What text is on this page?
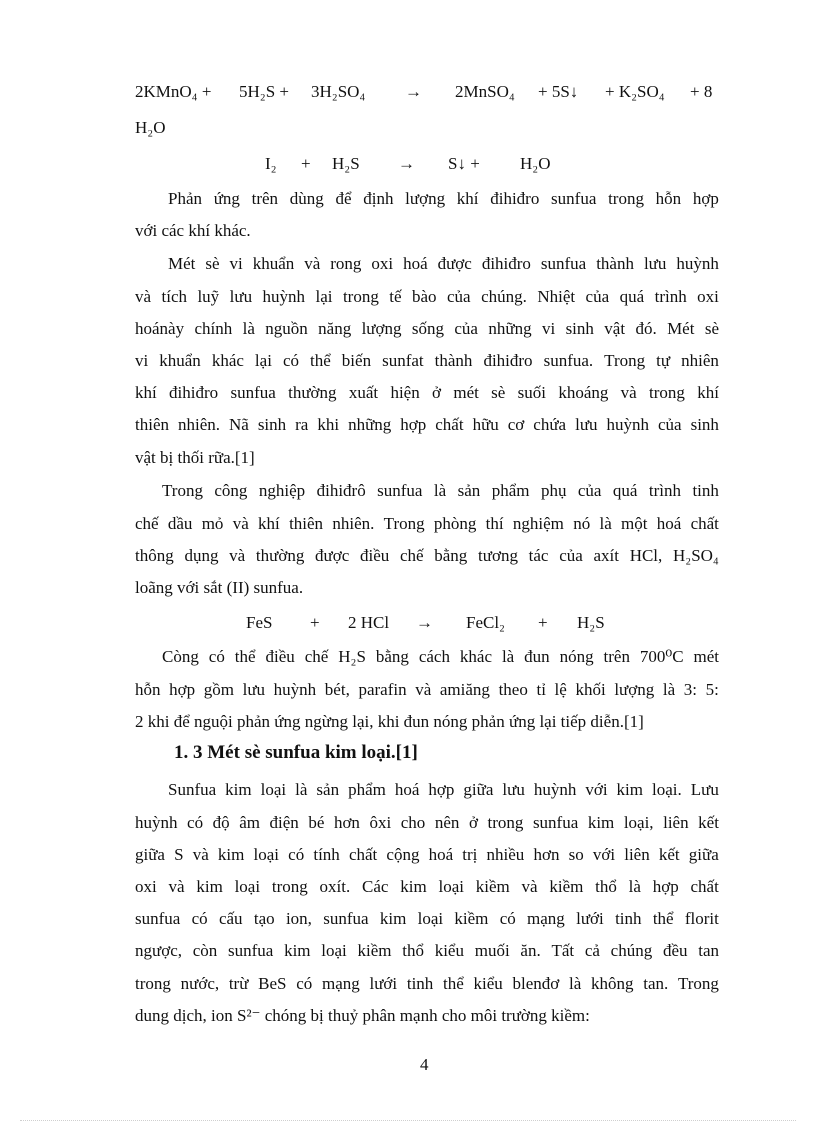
2KMnO₄ + 5H₂S + 3H₂SO₄ → 2MnSO₄ + 5S↓ + K₂SO₄ + 8
H₂O
I₂ + H₂S → S↓ + H₂O
Phản ứng trên dùng để định lượng khí đihiđro sunfua trong hỗn hợp
với các khí khác.
Mét sè vi khuẩn và rong oxi hoá được đihiđro sunfua thành lưu huỳnh
và tích luỹ lưu huỳnh lại trong tế bào của chúng. Nhiệt của quá trình oxi
hoánày chính là nguồn năng lượng sống của những vi sinh vật đó. Mét sè
vi khuẩn khác lại có thể biến sunfat thành đihiđro sunfua. Trong tự nhiên
khí đihiđro sunfua thường xuất hiện ở mét sè suối khoáng và trong khí
thiên nhiên. Nã sinh ra khi những hợp chất hữu cơ chứa lưu huỳnh của sinh
vật bị thối rữa.[1]
Trong công nghiệp đihiđrô sunfua là sản phẩm phụ của quá trình tinh
chế dầu mỏ và khí thiên nhiên. Trong phòng thí nghiệm nó là một hoá chất
thông dụng và thường được điều chế bằng tương tác của axít HCl, H₂SO₄
loãng với sắt (II) sunfua.
FeS + 2 HCl → FeCl₂ + H₂S
Còng có thể điều chế H₂S bằng cách khác là đun nóng trên 700⁰C mét
hỗn hợp gồm lưu huỳnh bét, parafin và amiăng theo tỉ lệ khối lượng là 3: 5:
2 khi để nguội phản ứng ngừng lại, khi đun nóng phản ứng lại tiếp diễn.[1]
1. 3 Mét sè sunfua kim loại.[1]
Sunfua kim loại là sản phẩm hoá hợp giữa lưu huỳnh với kim loại. Lưu
huỳnh có độ âm điện bé hơn ôxi cho nên ở trong sunfua kim loại, liên kết
giữa S và kim loại có tính chất cộng hoá trị nhiều hơn so với liên kết giữa
oxi và kim loại trong oxít. Các kim loại kiềm và kiềm thổ là hợp chất
sunfua có cấu tạo ion, sunfua kim loại kiềm có mạng lưới tinh thể florit
ngược, còn sunfua kim loại kiềm thổ kiểu muối ăn. Tất cả chúng đều tan
trong nước, trừ BeS có mạng lưới tinh thể kiểu blenđơ là không tan. Trong
dung dịch, ion S²⁻ chóng bị thuỷ phân mạnh cho môi trường kiềm:
4
